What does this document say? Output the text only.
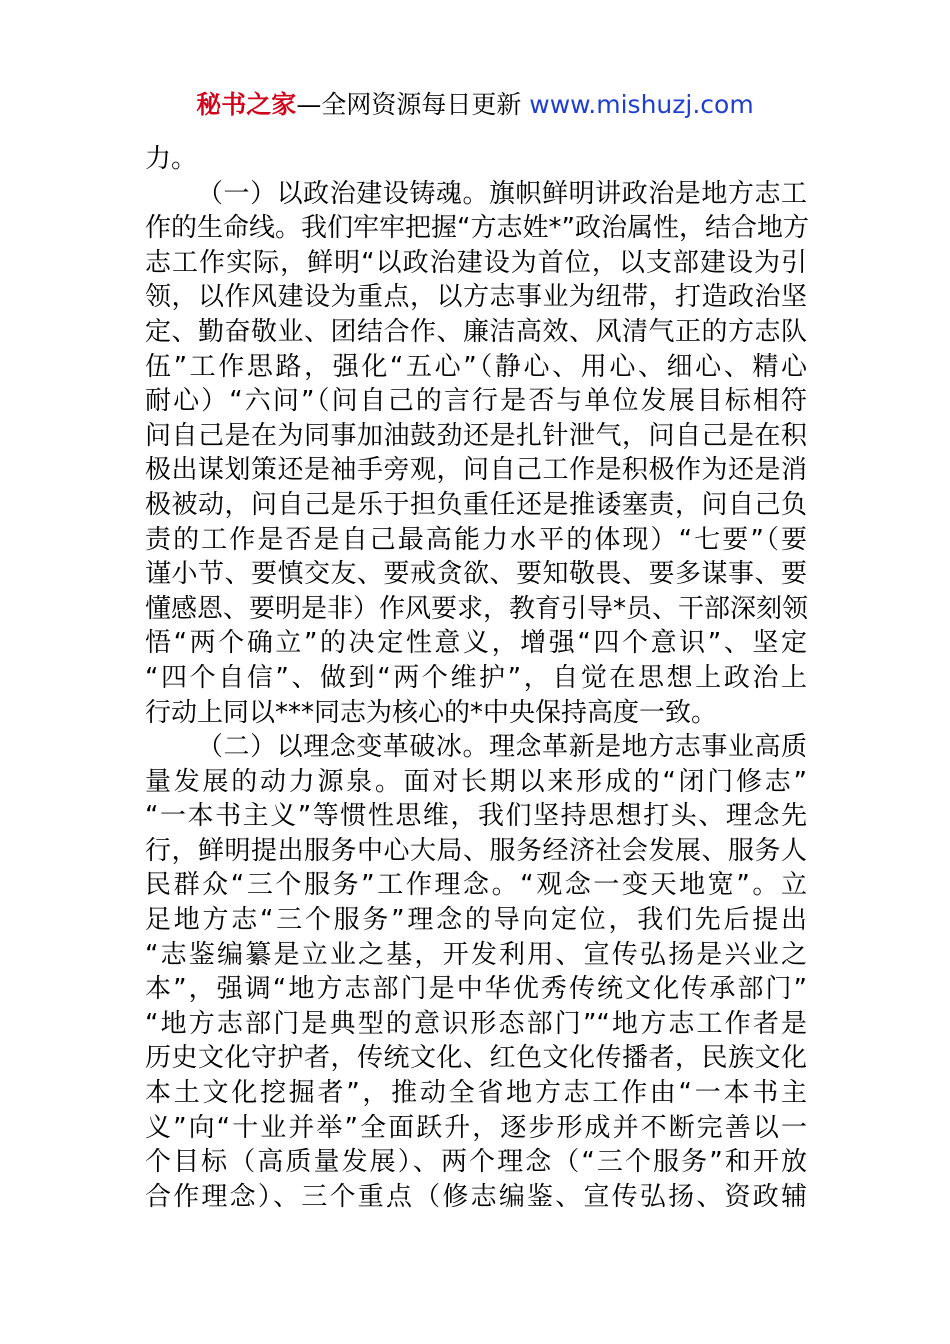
秘书之家—全网资源每日更新 www.mishuzj.com
力。
（一）以政治建设铸魂。旗帜鲜明讲政治是地方志工
作的生命线。我们牢牢把握“方志姓*”政治属性，结合地方
志工作实际，鲜明“以政治建设为首位，以支部建设为引
领，以作风建设为重点，以方志事业为纽带，打造政治坚
定、勤奋敬业、团结合作、廉洁高效、风清气正的方志队
伍”工作思路，强化“五心”（静心、用心、细心、精心
耐心）“六问”（问自己的言行是否与单位发展目标相符
问自己是在为同事加油鼓劲还是扎针泄气，问自己是在积
极出谋划策还是袖手旁观，问自己工作是积极作为还是消
极被动，问自己是乐于担负重任还是推诿塞责，问自己负
责的工作是否是自己最高能力水平的体现）“七要”（要
谨小节、要慎交友、要戒贪欲、要知敬畏、要多谋事、要
懂感恩、要明是非）作风要求，教育引导*员、干部深刻领
悟“两个确立”的决定性意义，增强“四个意识”、坚定
“四个自信”、做到“两个维护”，自觉在思想上政治上
行动上同以***同志为核心的*中央保持高度一致。
（二）以理念变革破冰。理念革新是地方志事业高质
量发展的动力源泉。面对长期以来形成的“闭门修志”
“一本书主义”等惯性思维，我们坚持思想打头、理念先
行，鲜明提出服务中心大局、服务经济社会发展、服务人
民群众“三个服务”工作理念。“观念一变天地宽”。立
足地方志“三个服务”理念的导向定位，我们先后提出
“志鉴编纂是立业之基，开发利用、宣传弘扬是兴业之
本”，强调“地方志部门是中华优秀传统文化传承部门”
“地方志部门是典型的意识形态部门”“地方志工作者是
历史文化守护者，传统文化、红色文化传播者，民族文化
本土文化挖掘者”，推动全省地方志工作由“一本书主
义”向“十业并举”全面跃升，逐步形成并不断完善以一
个目标（高质量发展）、两个理念（“三个服务”和开放
合作理念）、三个重点（修志编鉴、宣传弘扬、资政辅
